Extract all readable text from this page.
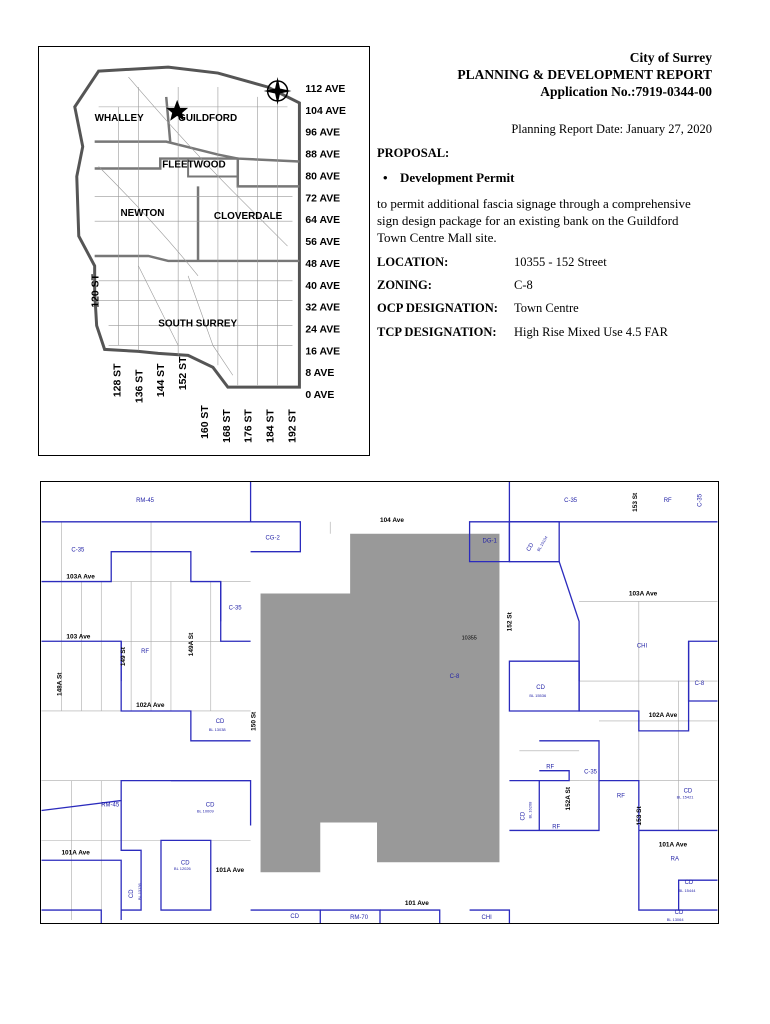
WHALLEY	GUILDFORD
FLEETWOOD
NEWTON	CLOVERDALE
SOUTH SURREY
112 AVE
104 AVE
96 AVE
88 AVE
80 AVE
72 AVE
64 AVE
56 AVE
48 AVE
40 AVE
32 AVE
24 AVE
16 AVE
8 AVE
0 AVE
120 ST
128 ST 136 ST 144 ST 152 ST
160 ST 168 ST 176 ST 184 ST 192 ST
City of Surrey
PLANNING & DEVELOPMENT REPORT
Application No.:7919-0344-00
Planning Report Date: January 27, 2020
PROPOSAL:
• Development Permit
to permit additional fascia signage through a comprehensive sign design package for an existing bank on the Guildford Town Centre Mall site.
LOCATION:	10355 - 152 Street
ZONING:	C-8
OCP DESIGNATION: Town Centre
TCP DESIGNATION: High Rise Mixed Use 4.5 FAR
104 Ave
103A Ave
103 Ave
102A Ave
101A Ave
101 Ave
150 St
149 St
149A St
148A St
152 St
152A St
153 St
153 St
103A Ave
102A Ave
101A Ave
101A Ave
RM-45
C-35
CG-2	DG-1
CD
C-35	RF
RF
C-35
C-35
CD
C-8
CHI
CD
C-8
RF
C-35
RF
CD
RF
CD
CD
CD
CD	RM-70	CHI
RA
CD
CD
RM-45
CD
10355
BL 15536
BL 13038
BL 10009
BL 12026
BL 15421
BL 13136	BL 15444
BL 10104
BL 16268
BL 13064
